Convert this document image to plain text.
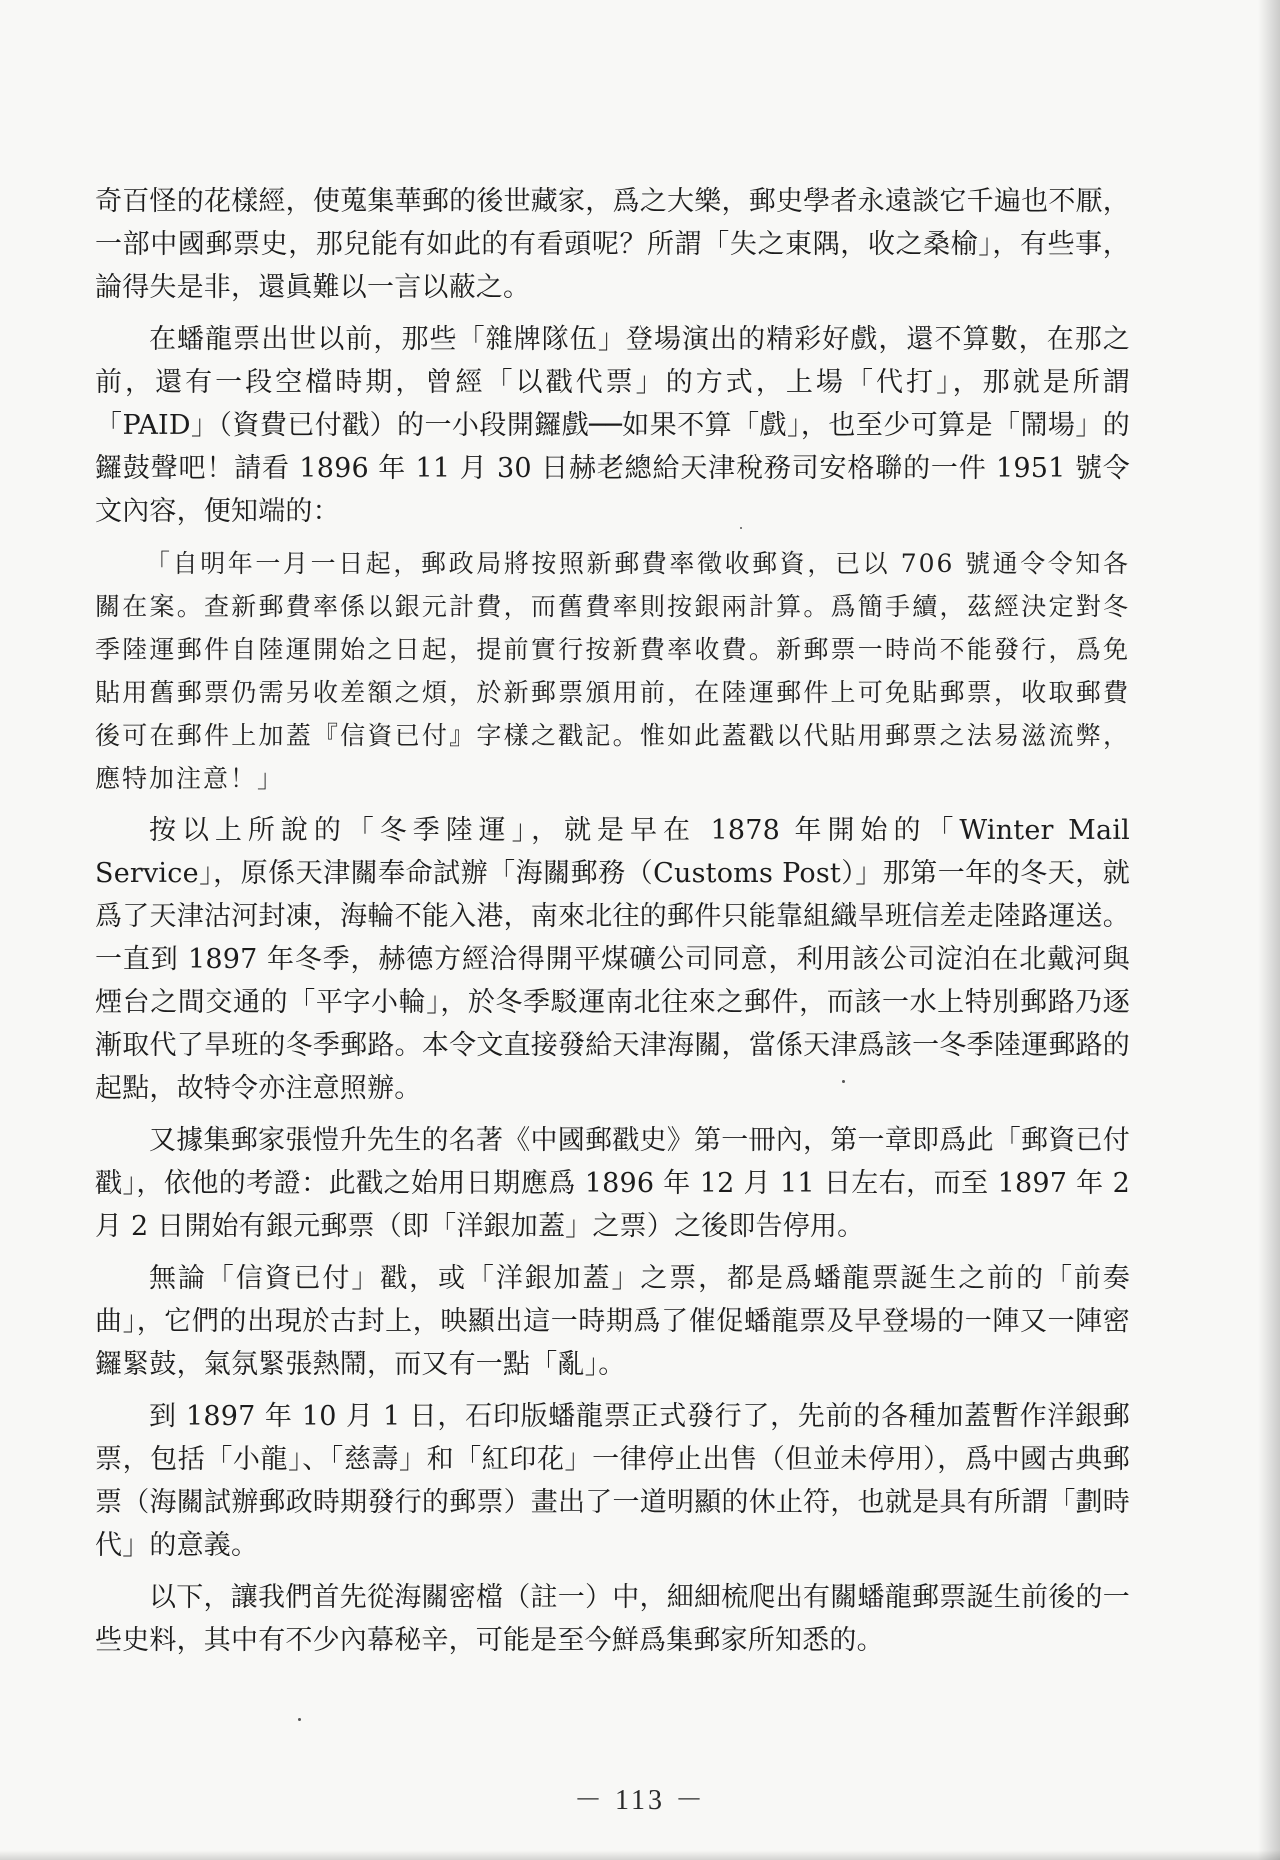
奇百怪的花樣經，使蒐集華郵的後世藏家，爲之大樂，郵史學者永遠談它千遍也不厭，一部中國郵票史，那兒能有如此的有看頭呢？所謂「失之東隅，收之桑榆」，有些事，論得失是非，還眞難以一言以蔽之。

在蟠龍票出世以前，那些「雜牌隊伍」登場演出的精彩好戲，還不算數，在那之前，還有一段空檔時期，曾經「以戳代票」的方式，上場「代打」，那就是所謂「PAID」（資費已付戳）的一小段開鑼戲──如果不算「戲」，也至少可算是「鬧場」的鑼鼓聲吧！請看 1896 年 11 月 30 日赫老總給天津稅務司安格聯的一件 1951 號令文內容，便知端的：

「自明年一月一日起，郵政局將按照新郵費率徵收郵資，已以 706 號通令令知各關在案。查新郵費率係以銀元計費，而舊費率則按銀兩計算。爲簡手續，茲經決定對冬季陸運郵件自陸運開始之日起，提前實行按新費率收費。新郵票一時尚不能發行，爲免貼用舊郵票仍需另收差額之煩，於新郵票頒用前，在陸運郵件上可免貼郵票，收取郵費後可在郵件上加蓋『信資已付』字樣之戳記。惟如此蓋戳以代貼用郵票之法易滋流弊，應特加注意！」

按以上所說的「冬季陸運」，就是早在 1878 年開始的「Winter Mail Service」，原係天津關奉命試辦「海關郵務（Customs Post）」那第一年的冬天，就爲了天津沽河封凍，海輪不能入港，南來北往的郵件只能靠組織旱班信差走陸路運送。一直到 1897 年冬季，赫德方經洽得開平煤礦公司同意，利用該公司淀泊在北戴河與煙台之間交通的「平字小輪」，於冬季駁運南北往來之郵件，而該一水上特別郵路乃逐漸取代了旱班的冬季郵路。本令文直接發給天津海關，當係天津爲該一冬季陸運郵路的起點，故特令亦注意照辦。

又據集郵家張愷升先生的名著《中國郵戳史》第一冊內，第一章即爲此「郵資已付戳」，依他的考證：此戳之始用日期應爲 1896 年 12 月 11 日左右，而至 1897 年 2 月 2 日開始有銀元郵票（即「洋銀加蓋」之票）之後即告停用。

無論「信資已付」戳，或「洋銀加蓋」之票，都是爲蟠龍票誕生之前的「前奏曲」，它們的出現於古封上，映顯出這一時期爲了催促蟠龍票及早登場的一陣又一陣密鑼緊鼓，氣氛緊張熱鬧，而又有一點「亂」。

到 1897 年 10 月 1 日，石印版蟠龍票正式發行了，先前的各種加蓋暫作洋銀郵票，包括「小龍」、「慈壽」和「紅印花」一律停止出售（但並未停用），爲中國古典郵票（海關試辦郵政時期發行的郵票）畫出了一道明顯的休止符，也就是具有所謂「劃時代」的意義。

以下，讓我們首先從海關密檔（註一）中，細細梳爬出有關蟠龍郵票誕生前後的一些史料，其中有不少內幕秘辛，可能是至今鮮爲集郵家所知悉的。

－ 113 －
